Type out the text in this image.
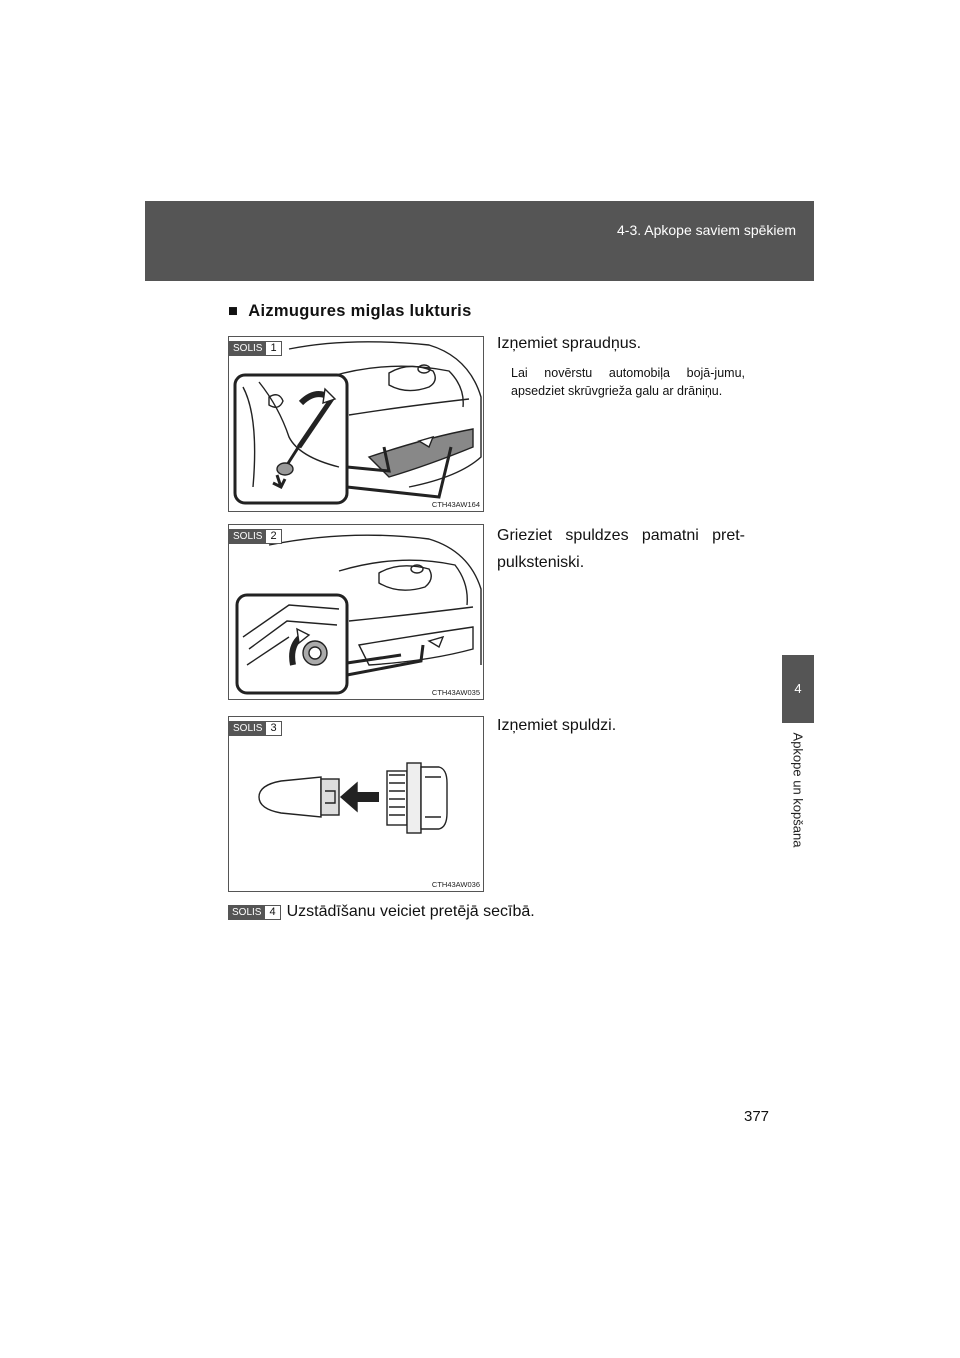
4-3. Apkope saviem spēkiem
4
Apkope un kopšana
■ Aizmugures miglas lukturis
SOLIS 1
CTH43AW164
Izņemiet spraudņus.
Lai novērstu automobiļa bojā-jumu, apsedziet skrūvgrieža galu ar drāniņu.
SOLIS 2
CTH43AW035
Grieziet spuldzes pamatni pret-pulksteniski.
SOLIS 3
CTH43AW036
Izņemiet spuldzi.
SOLIS 4 Uzstādīšanu veiciet pretējā secībā.
377
